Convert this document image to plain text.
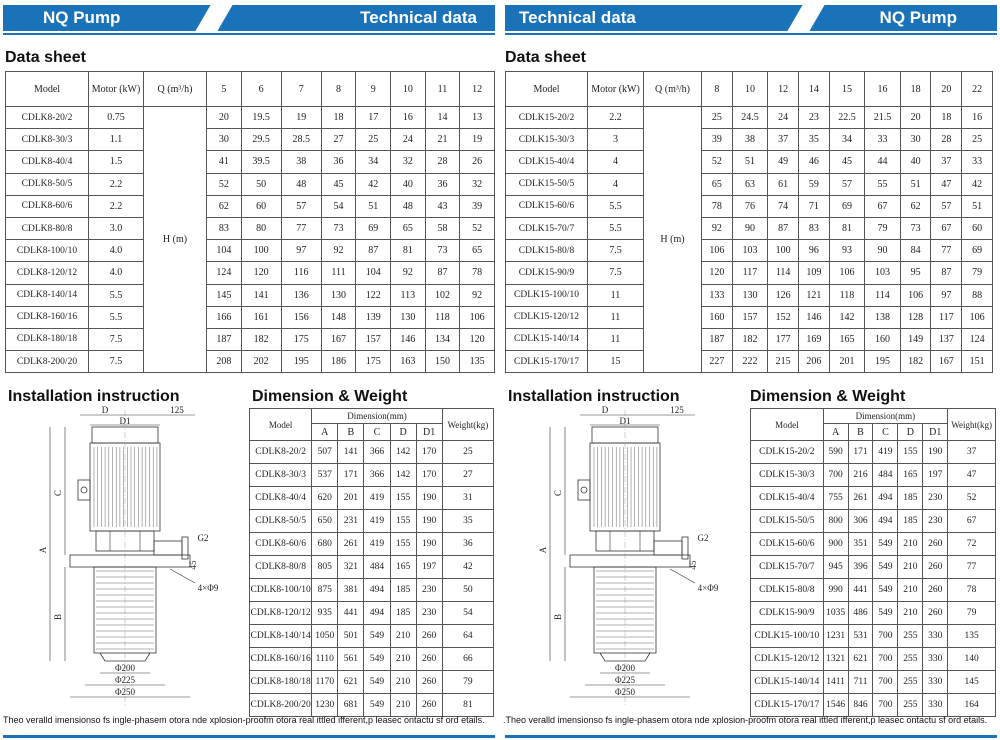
NQ Pump	Technical data Technical data	NQ Pump
Data sheet	Data sheet
Model	Motor (kW)	Q (m³/h)	5	6	7	8	9	10	11	12
CDLK8-20/2	0.75	H (m)	20	19.5	19	18	17	16	14	13
CDLK8-30/3	1.1		30	29.5	28.5	27	25	24	21	19
CDLK8-40/4	1.5		41	39.5	38	36	34	32	28	26
CDLK8-50/5	2.2		52	50	48	45	42	40	36	32
CDLK8-60/6	2.2		62	60	57	54	51	48	43	39
CDLK8-80/8	3.0		83	80	77	73	69	65	58	52
CDLK8-100/10	4.0		104	100	97	92	87	81	73	65
CDLK8-120/12	4.0		124	120	116	111	104	92	87	78
CDLK8-140/14	5.5		145	141	136	130	122	113	102	92
CDLK8-160/16	5.5		166	161	156	148	139	130	118	106
CDLK8-180/18	7.5		187	182	175	167	157	146	134	120
CDLK8-200/20	7.5		208	202	195	186	175	163	150	135
Model	Motor (kW)	Q (m³/h)	8	10	12	14	15	16	18	20	22
CDLK15-20/2	2.2	H (m)	25	24.5	24	23	22.5	21.5	20	18	16
CDLK15-30/3	3		39	38	37	35	34	33	30	28	25
CDLK15-40/4	4		52	51	49	46	45	44	40	37	33
CDLK15-50/5	4		65	63	61	59	57	55	51	47	42
CDLK15-60/6	5.5		78	76	74	71	69	67	62	57	51
CDLK15-70/7	5.5		92	90	87	83	81	79	73	67	60
CDLK15-80/8	7.5		106	103	100	96	93	90	84	77	69
CDLK15-90/9	7.5		120	117	114	109	106	103	95	87	79
CDLK15-100/10	11		133	130	126	121	118	114	106	97	88
CDLK15-120/12	11		160	157	152	146	142	138	128	117	106
CDLK15-140/14	11		187	182	177	169	165	160	149	137	124
CDLK15-170/17	15		227	222	215	206	201	195	182	167	151
Installation instruction	Dimension & Weight	Installation instruction	Dimension & Weight
D
D1
125
C
A
B
G2
45
4×Φ9
Φ200
Φ225
Φ250
D
D1
125
C
A
B
G2
45
4×Φ9
Φ200
Φ225
Φ250
Model	Dimension(mm)					Weight(kg)
	A	B	C	D	D1	
CDLK8-20/2	507	141	366	142	170	25
CDLK8-30/3	537	171	366	142	170	27
CDLK8-40/4	620	201	419	155	190	31
CDLK8-50/5	650	231	419	155	190	35
CDLK8-60/6	680	261	419	155	190	36
CDLK8-80/8	805	321	484	165	197	42
CDLK8-100/10	875	381	494	185	230	50
CDLK8-120/12	935	441	494	185	230	54
CDLK8-140/14	1050	501	549	210	260	64
CDLK8-160/16	1110	561	549	210	260	66
CDLK8-180/18	1170	621	549	210	260	79
CDLK8-200/20	1230	681	549	210	260	81
Model	Dimension(mm)					Weight(kg)
	A	B	C	D	D1	
CDLK15-20/2	590	171	419	155	190	37
CDLK15-30/3	700	216	484	165	197	47
CDLK15-40/4	755	261	494	185	230	52
CDLK15-50/5	800	306	494	185	230	67
CDLK15-60/6	900	351	549	210	260	72
CDLK15-70/7	945	396	549	210	260	77
CDLK15-80/8	990	441	549	210	260	78
CDLK15-90/9	1035	486	549	210	260	79
CDLK15-100/10	1231	531	700	255	330	135
CDLK15-120/12	1321	621	700	255	330	140
CDLK15-140/14	1411	711	700	255	330	145
CDLK15-170/17	1546	846	700	255	330	164
Theo veralld imensionso fs ingle-phasem otora nde xplosion-proofm otora real ittled ifferent,p leasec ontactu sf ord etails. .Theo veralld imensionso fs ingle-phasem otora nde xplosion-proofm otora real ittled ifferent,p leasec ontactu sf ord etails.
